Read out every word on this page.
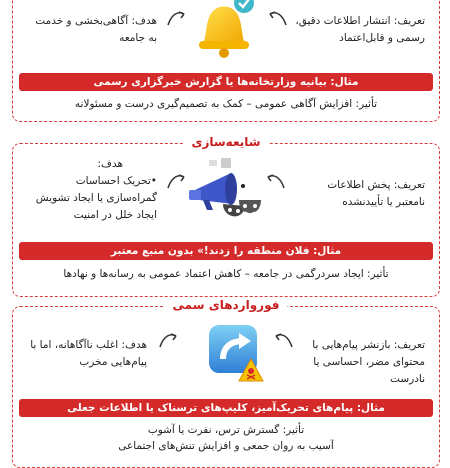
تعریف: انتشار اطلاعات دقیق، رسمی و قابل‌اعتماد
هدف: آگاهی‌بخشی و خدمت به جامعه
مثال: بیانیه وزارتخانه‌ها یا گزارش خبرگزاری رسمی
تأثیر: افزایش آگاهی عمومی – کمک به تصمیم‌گیری درست و مسئولانه
شایعه‌سازی
تعریف: پخش اطلاعات نامعتبر یا تأییدنشده
هدف:
•تحریک احساسات
گمراه‌سازی یا ایجاد تشویش
ایجاد خلل در امنیت
مثال: فلان منطقه را زدند!» بدون منبع معتبر
تأثیر: ایجاد سردرگمی در جامعه – کاهش اعتماد عمومی به رسانه‌ها و نهادها
فورواردهای سمی
تعریف: بازنشر پیام‌هایی با محتوای مضر، احساسی یا نادرست
هدف: اغلب ناآگاهانه، اما با پیام‌هایی مخرب
مثال: پیام‌های تحریک‌آمیز، کلیپ‌های ترسناک یا اطلاعات جعلی
تأثیر: گسترش ترس، نفرت یا آشوب
آسیب به روان جمعی و افزایش تنش‌های اجتماعی
